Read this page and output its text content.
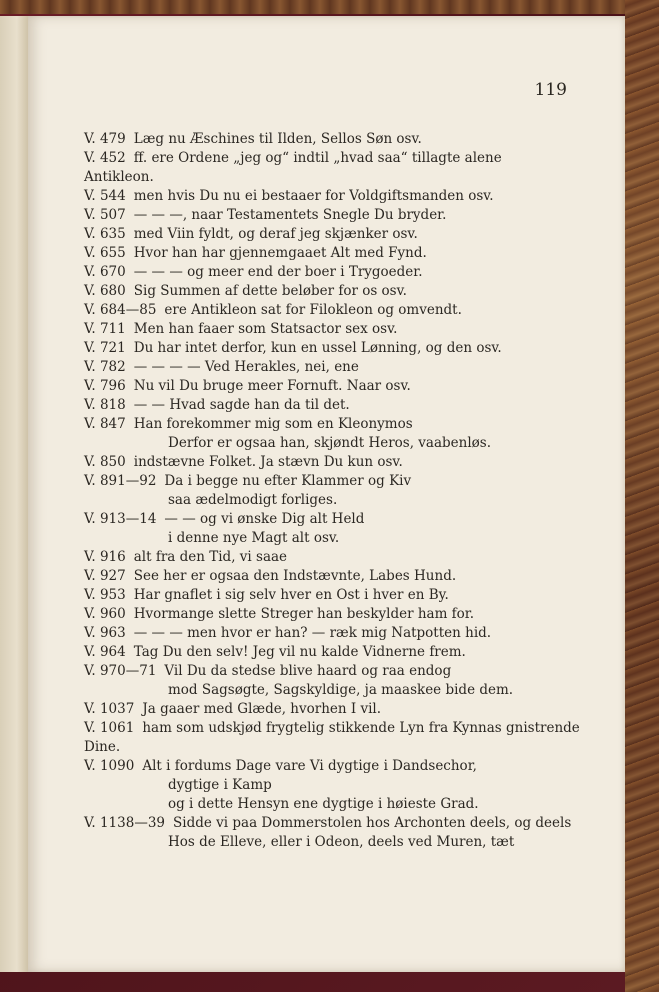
119
V. 479 Læg nu Æschines til Ilden, Sellos Søn osv.
V. 452 ff. ere Ordene „jeg og“ indtil „hvad saa“ tillagte alene
Antikleon.
V. 544 men hvis Du nu ei bestaaer for Voldgiftsmanden osv.
V. 507 — — —, naar Testamentets Snegle Du bryder.
V. 635 med Viin fyldt, og deraf jeg skjænker osv.
V. 655 Hvor han har gjennemgaaet Alt med Fynd.
V. 670 — — — og meer end der boer i Trygoeder.
V. 680 Sig Summen af dette beløber for os osv.
V. 684—85 ere Antikleon sat for Filokleon og omvendt.
V. 711 Men han faaer som Statsactor sex osv.
V. 721 Du har intet derfor, kun en ussel Lønning, og den osv.
V. 782 — — — — Ved Herakles, nei, ene
V. 796 Nu vil Du bruge meer Fornuft. Naar osv.
V. 818 — — Hvad sagde han da til det.
V. 847 Han forekommer mig som en Kleonymos
Derfor er ogsaa han, skjøndt Heros, vaabenløs.
V. 850 indstævne Folket. Ja stævn Du kun osv.
V. 891—92 Da i begge nu efter Klammer og Kiv
saa ædelmodigt forliges.
V. 913—14 — — og vi ønske Dig alt Held
i denne nye Magt alt osv.
V. 916 alt fra den Tid, vi saae
V. 927 See her er ogsaa den Indstævnte, Labes Hund.
V. 953 Har gnaflet i sig selv hver en Ost i hver en By.
V. 960 Hvormange slette Streger han beskylder ham for.
V. 963 — — — men hvor er han? — ræk mig Natpotten hid.
V. 964 Tag Du den selv! Jeg vil nu kalde Vidnerne frem.
V. 970—71 Vil Du da stedse blive haard og raa endog
mod Sagsøgte, Sagskyldige, ja maaskee bide dem.
V. 1037 Ja gaaer med Glæde, hvorhen I vil.
V. 1061 ham som udskjød frygtelig stikkende Lyn fra Kynnas gnistrende
Dine.
V. 1090 Alt i fordums Dage vare Vi dygtige i Dandsechor,
dygtige i Kamp
og i dette Hensyn ene dygtige i høieste Grad.
V. 1138—39 Sidde vi paa Dommerstolen hos Archonten deels, og deels
Hos de Elleve, eller i Odeon, deels ved Muren, tæt
